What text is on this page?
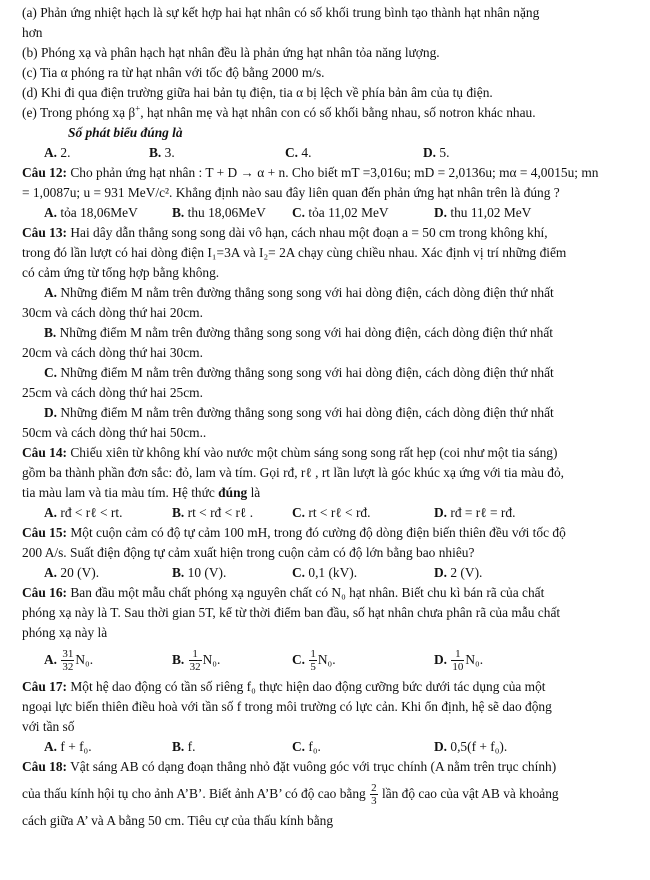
(a) Phản ứng nhiệt hạch là sự kết hợp hai hạt nhân có số khối trung bình tạo thành hạt nhân nặng
hơn
(b) Phóng xạ và phân hạch hạt nhân đều là phản ứng hạt nhân tỏa năng lượng.
(c) Tia α phóng ra từ hạt nhân với tốc độ bằng 2000 m/s.
(d) Khi đi qua điện trường giữa hai bản tụ điện, tia α bị lệch về phía bản âm của tụ điện.
(e) Trong phóng xạ β+, hạt nhân mẹ và hạt nhân con có số khối bằng nhau, số notron khác nhau.
Số phát biểu đúng là
A. 2.	B. 3.	C. 4.	D. 5.
Câu 12: Cho phản ứng hạt nhân : T + D → α + n. Cho biết mT =3,016u; mD = 2,0136u; mα = 4,0015u; mn
= 1,0087u; u = 931 MeV/c². Khẳng định nào sau đây liên quan đến phản ứng hạt nhân trên là đúng ?
A. tỏa 18,06MeV	B. thu 18,06MeV	C. tỏa 11,02 MeV	D. thu 11,02 MeV
Câu 13: Hai dây dẫn thẳng song song dài vô hạn, cách nhau một đoạn a = 50 cm trong không khí,
trong đó lần lượt có hai dòng điện I₁=3A và I₂= 2A chạy cùng chiều nhau. Xác định vị trí những điểm
có cảm ứng từ tổng hợp bằng không.
A. Những điểm M nằm trên đường thẳng song song với hai dòng điện, cách dòng điện thứ nhất
30cm và cách dòng thứ hai 20cm.
B. Những điểm M nằm trên đường thẳng song song với hai dòng điện, cách dòng điện thứ nhất
20cm và cách dòng thứ hai 30cm.
C. Những điểm M nằm trên đường thẳng song song với hai dòng điện, cách dòng điện thứ nhất
25cm và cách dòng thứ hai 25cm.
D. Những điểm M nằm trên đường thẳng song song với hai dòng điện, cách dòng điện thứ nhất
50cm và cách dòng thứ hai 50cm..
Câu 14: Chiếu xiên từ không khí vào nước một chùm sáng song song rất hẹp (coi như một tia sáng)
gồm ba thành phần đơn sắc: đỏ, lam và tím. Gọi rđ, rℓ , rt lần lượt là góc khúc xạ ứng với tia màu đỏ,
tia màu lam và tia màu tím. Hệ thức đúng là
A. rđ < rℓ < rt.	B. rt < rđ < rℓ .	C. rt < rℓ < rđ.	D. rđ = rℓ = rđ.
Câu 15: Một cuộn cảm có độ tự cảm 100 mH, trong đó cường độ dòng điện biến thiên đều với tốc độ
200 A/s. Suất điện động tự cảm xuất hiện trong cuộn cảm có độ lớn bằng bao nhiêu?
A. 20 (V).	B. 10 (V).	C. 0,1 (kV).	D. 2 (V).
Câu 16: Ban đầu một mẫu chất phóng xạ nguyên chất có N₀ hạt nhân. Biết chu kì bán rã của chất
phóng xạ này là T. Sau thời gian 5T, kể từ thời điểm ban đầu, số hạt nhân chưa phân rã của mẫu chất
phóng xạ này là
A. $\frac{31}{32} N_0$.	B. $\frac{1}{32} N_0$.	C. $\frac{1}{5} N_0$.	D. $\frac{1}{10} N_0$.
Câu 17: Một hệ dao động có tần số riêng f₀ thực hiện dao động cưỡng bức dưới tác dụng của một
ngoại lực biến thiên điều hoà với tần số f trong môi trường có lực cản. Khi ổn định, hệ sẽ dao động
với tần số
A. f + f₀.	B. f.	C. f₀.	D. 0,5(f + f₀).
Câu 18: Vật sáng AB có dạng đoạn thẳng nhỏ đặt vuông góc với trục chính (A nằm trên trục chính)
của thấu kính hội tụ cho ảnh A’B’. Biết ảnh A’B’ có độ cao bằng $\frac{2}{3}$ lần độ cao của vật AB và khoảng
cách giữa A’ và A bằng 50 cm. Tiêu cự của thấu kính bằng
